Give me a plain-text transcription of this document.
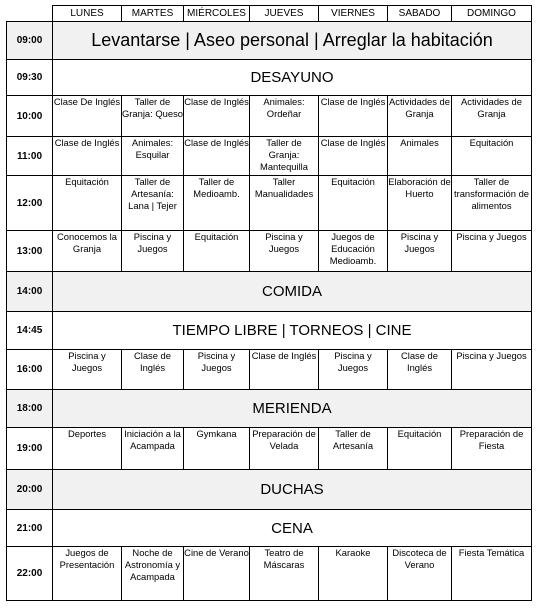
	LUNES	MARTES	MIÉRCOLES	JUEVES	VIERNES	SABADO	DOMINGO
09:00	Levantarse | Aseo personal | Arreglar la habitación						
09:30	DESAYUNO						
10:00	Clase De Inglés	Taller de Granja: Queso	Clase de Inglés	Animales: Ordeñar	Clase de Inglés	Actividades de Granja	Actividades de Granja
11:00	Clase de Inglés	Animales: Esquilar	Clase de Inglés	Taller de Granja: Mantequilla	Clase de Inglés	Animales	Equitación
12:00	Equitación	Taller de Artesanía: Lana | Tejer	Taller de Medioamb.	Taller Manualidades	Equitación	Elaboración de Huerto	Taller de transformación de alimentos
13:00	Conocemos la Granja	Piscina y Juegos	Equitación	Piscina y Juegos	Juegos de Educación Medioamb.	Piscina y Juegos	Piscina y Juegos
14:00	COMIDA						
14:45	TIEMPO LIBRE | TORNEOS | CINE						
16:00	Piscina y Juegos	Clase de Inglés	Piscina y Juegos	Clase de Inglés	Piscina y Juegos	Clase de Inglés	Piscina y Juegos
18:00	MERIENDA						
19:00	Deportes	Iniciación a la Acampada	Gymkana	Preparación de Velada	Taller de Artesanía	Equitación	Preparación de Fiesta
20:00	DUCHAS						
21:00	CENA						
22:00	Juegos de Presentación	Noche de Astronomía y Acampada	Cine de Verano	Teatro de Máscaras	Karaoke	Discoteca de Verano	Fiesta Temática
